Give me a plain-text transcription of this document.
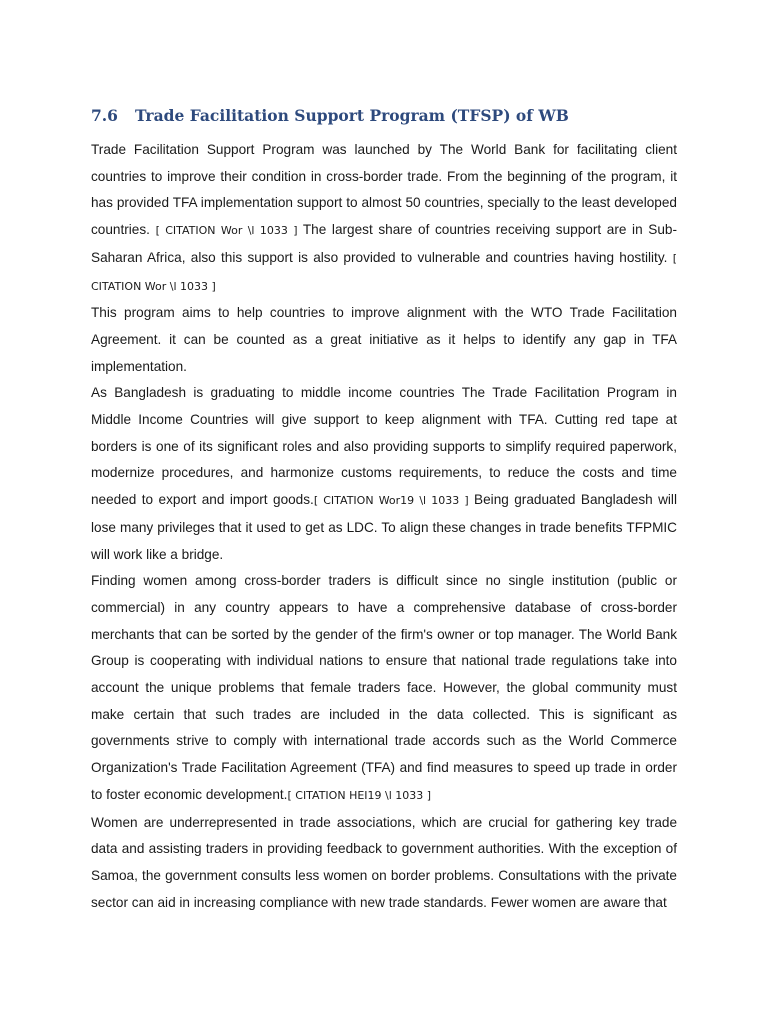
7.6 Trade Facilitation Support Program (TFSP) of WB

Trade Facilitation Support Program was launched by The World Bank for facilitating client countries to improve their condition in cross-border trade. From the beginning of the program, it has provided TFA implementation support to almost 50 countries, specially to the least developed countries. [ CITATION Wor \l 1033 ] The largest share of countries receiving support are in Sub-Saharan Africa, also this support is also provided to vulnerable and countries having hostility. [ CITATION Wor \l 1033 ]

This program aims to help countries to improve alignment with the WTO Trade Facilitation Agreement. it can be counted as a great initiative as it helps to identify any gap in TFA implementation.

As Bangladesh is graduating to middle income countries The Trade Facilitation Program in Middle Income Countries will give support to keep alignment with TFA. Cutting red tape at borders is one of its significant roles and also providing supports to simplify required paperwork, modernize procedures, and harmonize customs requirements, to reduce the costs and time needed to export and import goods.[ CITATION Wor19 \l 1033 ] Being graduated Bangladesh will lose many privileges that it used to get as LDC. To align these changes in trade benefits TFPMIC will work like a bridge.

Finding women among cross-border traders is difficult since no single institution (public or commercial) in any country appears to have a comprehensive database of cross-border merchants that can be sorted by the gender of the firm's owner or top manager. The World Bank Group is cooperating with individual nations to ensure that national trade regulations take into account the unique problems that female traders face. However, the global community must make certain that such trades are included in the data collected. This is significant as governments strive to comply with international trade accords such as the World Commerce Organization's Trade Facilitation Agreement (TFA) and find measures to speed up trade in order to foster economic development.[ CITATION HEI19 \l 1033 ]

Women are underrepresented in trade associations, which are crucial for gathering key trade data and assisting traders in providing feedback to government authorities. With the exception of Samoa, the government consults less women on border problems. Consultations with the private sector can aid in increasing compliance with new trade standards. Fewer women are aware that
